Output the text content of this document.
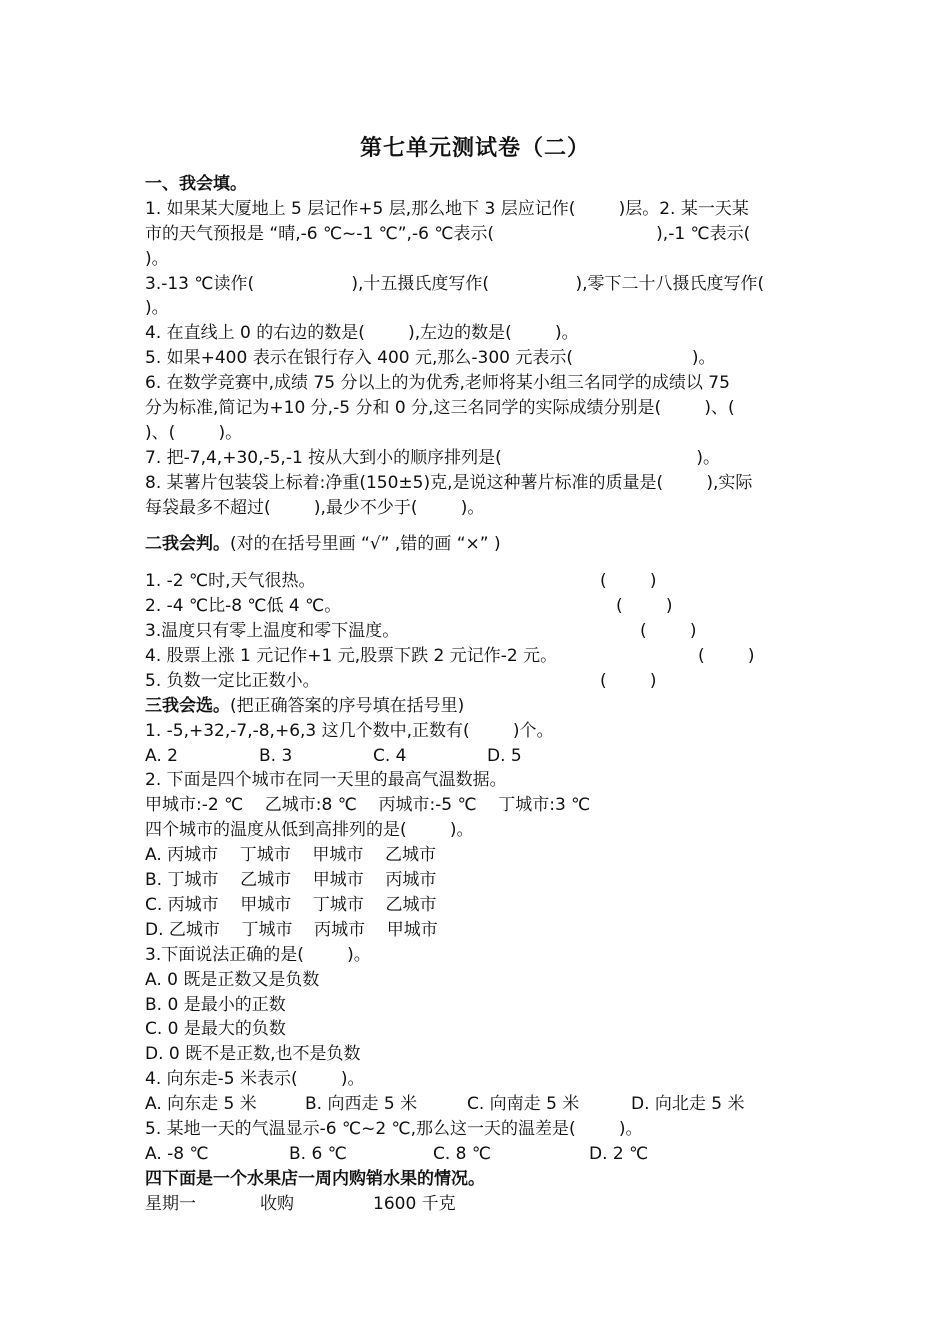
第七单元测试卷（二）
一、我会填。
1. 如果某大厦地上 5 层记作+5 层,那么地下 3 层应记作(        )层。2. 某一天某
市的天气预报是 “晴,-6 ℃~-1 ℃”,-6 ℃表示(                              ),-1 ℃表示(
)。
3.-13 ℃读作(                  ),十五摄氏度写作(                ),零下二十八摄氏度写作(
)。
4. 在直线上 0 的右边的数是(        ),左边的数是(        )。
5. 如果+400 表示在银行存入 400 元,那么-300 元表示(                      )。
6. 在数学竞赛中,成绩 75 分以上的为优秀,老师将某小组三名同学的成绩以 75
分为标准,简记为+10 分,-5 分和 0 分,这三名同学的实际成绩分别是(        )、(
)、(        )。
7. 把-7,4,+30,-5,-1 按从大到小的顺序排列是(                                    )。
8. 某薯片包装袋上标着:净重(150±5)克,是说这种薯片标准的质量是(        ),实际
每袋最多不超过(        ),最少不少于(        )。
二我会判。(对的在括号里画 “√” ,错的画 “×” )
1. -2 ℃时,天气很热。	(        )
2. -4 ℃比-8 ℃低 4 ℃。	(        )
3.温度只有零上温度和零下温度。	(        )
4. 股票上涨 1 元记作+1 元,股票下跌 2 元记作-2 元。	(        )
5. 负数一定比正数小。	(        )
三我会选。(把正确答案的序号填在括号里)
1. -5,+32,-7,-8,+6,3 这几个数中,正数有(        )个。
A. 2	B. 3	C. 4	D. 5
2. 下面是四个城市在同一天里的最高气温数据。
甲城市:-2 ℃    乙城市:8 ℃    丙城市:-5 ℃    丁城市:3 ℃
四个城市的温度从低到高排列的是(        )。
A. 丙城市    丁城市    甲城市    乙城市
B. 丁城市    乙城市    甲城市    丙城市
C. 丙城市    甲城市    丁城市    乙城市
D. 乙城市    丁城市    丙城市    甲城市
3.下面说法正确的是(        )。
A. 0 既是正数又是负数
B. 0 是最小的正数
C. 0 是最大的负数
D. 0 既不是正数,也不是负数
4. 向东走-5 米表示(        )。
A. 向东走 5 米	B. 向西走 5 米	C. 向南走 5 米	D. 向北走 5 米
5. 某地一天的气温显示-6 ℃~2 ℃,那么这一天的温差是(        )。
A. -8 ℃	B. 6 ℃	C. 8 ℃	D. 2 ℃
四下面是一个水果店一周内购销水果的情况。
星期一	收购	1600 千克
